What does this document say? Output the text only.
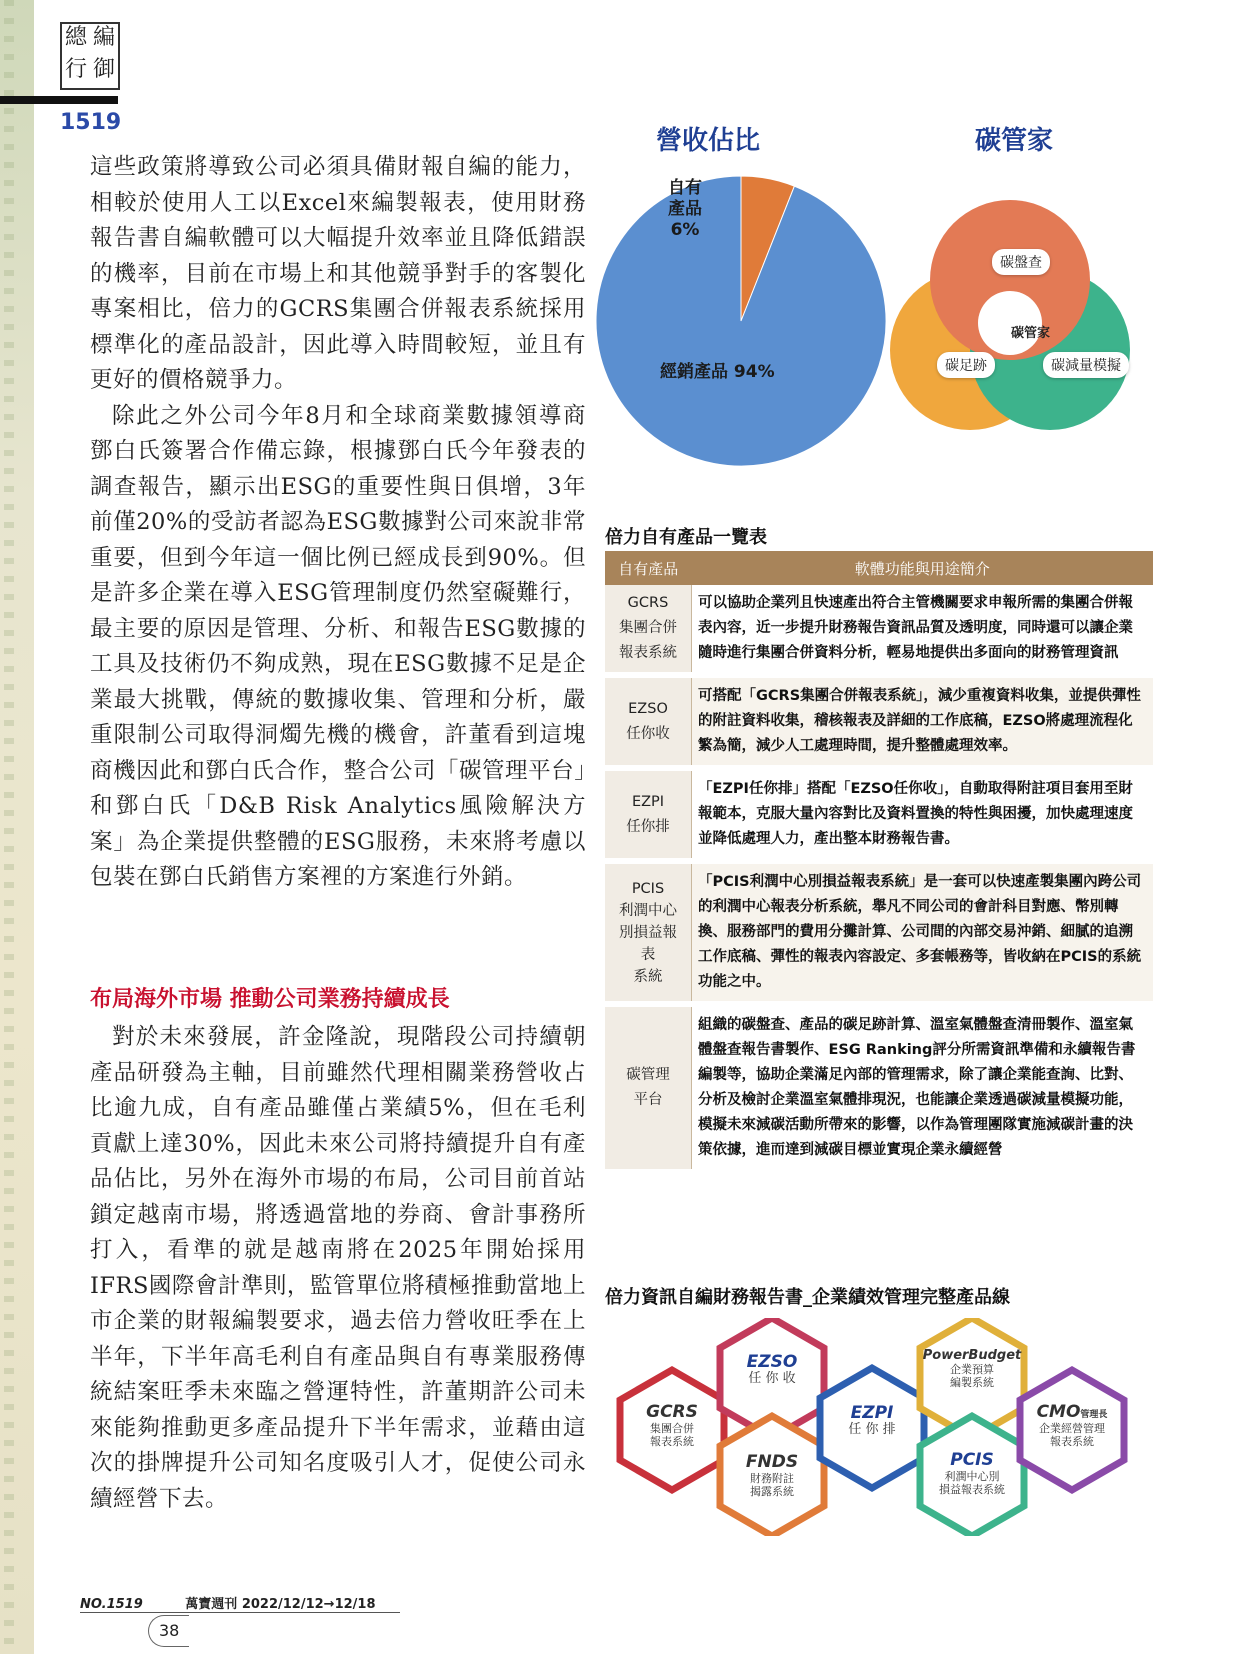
總 編
行 御
1519

這些政策將導致公司必須具備財報自編的能力，相較於使用人工以Excel來編製報表，使用財務報告書自編軟體可以大幅提升效率並且降低錯誤的機率，目前在市場上和其他競爭對手的客製化專案相比，倍力的GCRS集團合併報表系統採用標準化的產品設計，因此導入時間較短，並且有更好的價格競爭力。

除此之外公司今年8月和全球商業數據領導商鄧白氏簽署合作備忘錄，根據鄧白氏今年發表的調查報告，顯示出ESG的重要性與日俱增，3年前僅20%的受訪者認為ESG數據對公司來說非常重要，但到今年這一個比例已經成長到90%。但是許多企業在導入ESG管理制度仍然窒礙難行，最主要的原因是管理、分析、和報告ESG數據的工具及技術仍不夠成熟，現在ESG數據不足是企業最大挑戰，傳統的數據收集、管理和分析，嚴重限制公司取得洞燭先機的機會，許董看到這塊商機因此和鄧白氏合作，整合公司「碳管理平台」和鄧白氏「D&B Risk Analytics風險解決方案」為企業提供整體的ESG服務，未來將考慮以包裝在鄧白氏銷售方案裡的方案進行外銷。

布局海外市場 推動公司業務持續成長

對於未來發展，許金隆說，現階段公司持續朝產品研發為主軸，目前雖然代理相關業務營收占比逾九成，自有產品雖僅占業績5%，但在毛利貢獻上達30%，因此未來公司將持續提升自有產品佔比，另外在海外市場的布局，公司目前首站鎖定越南市場，將透過當地的券商、會計事務所打入，看準的就是越南將在2025年開始採用IFRS國際會計準則，監管單位將積極推動當地上市企業的財報編製要求，過去倍力營收旺季在上半年，下半年高毛利自有產品與自有專業服務傳統結案旺季未來臨之營運特性，許董期許公司未來能夠推動更多產品提升下半年需求，並藉由這次的掛牌提升公司知名度吸引人才，促使公司永續經營下去。

營收佔比
自有
產品
6%
經銷產品 94%
碳管家
碳盤查
碳管家
碳足跡	碳減量模擬
倍力自有產品一覽表
自有產品	軟體功能與用途簡介
GCRS
集團合併
報表系統	可以協助企業列且快速產出符合主管機關要求申報所需的集團合併報表內容，近一步提升財務報告資訊品質及透明度，同時還可以讓企業隨時進行集團合併資料分析，輕易地提供出多面向的財務管理資訊

EZSO
任你收	可搭配「GCRS集團合併報表系統」，減少重複資料收集，並提供彈性的附註資料收集，稽核報表及詳細的工作底稿，EZSO將處理流程化繁為簡，減少人工處理時間，提升整體處理效率。

EZPI
任你排	「EZPI任你排」搭配「EZSO任你收」，自動取得附註項目套用至財報範本，克服大量內容對比及資料置換的特性與困擾，加快處理速度並降低處理人力，產出整本財務報告書。

PCIS
利潤中心
別損益報
表
系統	「PCIS利潤中心別損益報表系統」是一套可以快速產製集團內跨公司的利潤中心報表分析系統，舉凡不同公司的會計科目對應、幣別轉換、服務部門的費用分攤計算、公司間的內部交易沖銷、細膩的追溯工作底稿、彈性的報表內容設定、多套帳務等，皆收納在PCIS的系統功能之中。

碳管理
平台	組織的碳盤查、產品的碳足跡計算、溫室氣體盤查清冊製作、溫室氣體盤查報告書製作、ESG Ranking評分所需資訊準備和永續報告書編製等，協助企業滿足內部的管理需求，除了讓企業能查詢、比對、分析及檢討企業溫室氣體排現況，也能讓企業透過碳減量模擬功能，模擬未來減碳活動所帶來的影響，以作為管理團隊實施減碳計畫的決策依據，進而達到減碳目標並實現企業永續經營
倍力資訊自編財務報告書_企業績效管理完整產品線
GCRS
集團合併
報表系統
EZSO
任 你 收
FNDS
財務附註
揭露系統
EZPI
任 你 排
PowerBudget
企業預算
編製系統
PCIS
利潤中心別
損益報表系統
CMO管理長
企業經營管理
報表系統
NO.1519	萬寶週刊 2022/12/12→12/18
38
